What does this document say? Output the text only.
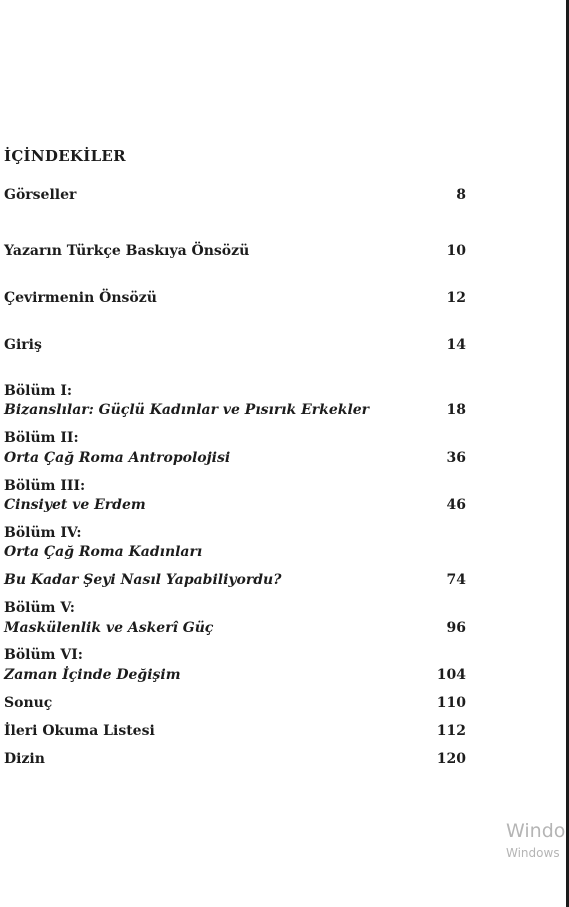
İÇİNDEKİLER
Görseller	8
Yazarın Türkçe Baskıya Önsözü	10
Çevirmenin Önsözü	12
Giriş	14
Bölüm I:
Bizanslılar: Güçlü Kadınlar ve Pısırık Erkekler	18
Bölüm II:
Orta Çağ Roma Antropolojisi	36
Bölüm III:
Cinsiyet ve Erdem	46
Bölüm IV:
Orta Çağ Roma Kadınları
Bu Kadar Şeyi Nasıl Yapabiliyordu?	74
Bölüm V:
Maskülenlik ve Askerî Güç	96
Bölüm VI:
Zaman İçinde Değişim	104
Sonuç	110
İleri Okuma Listesi	112
Dizin	120
Windo
Windows
